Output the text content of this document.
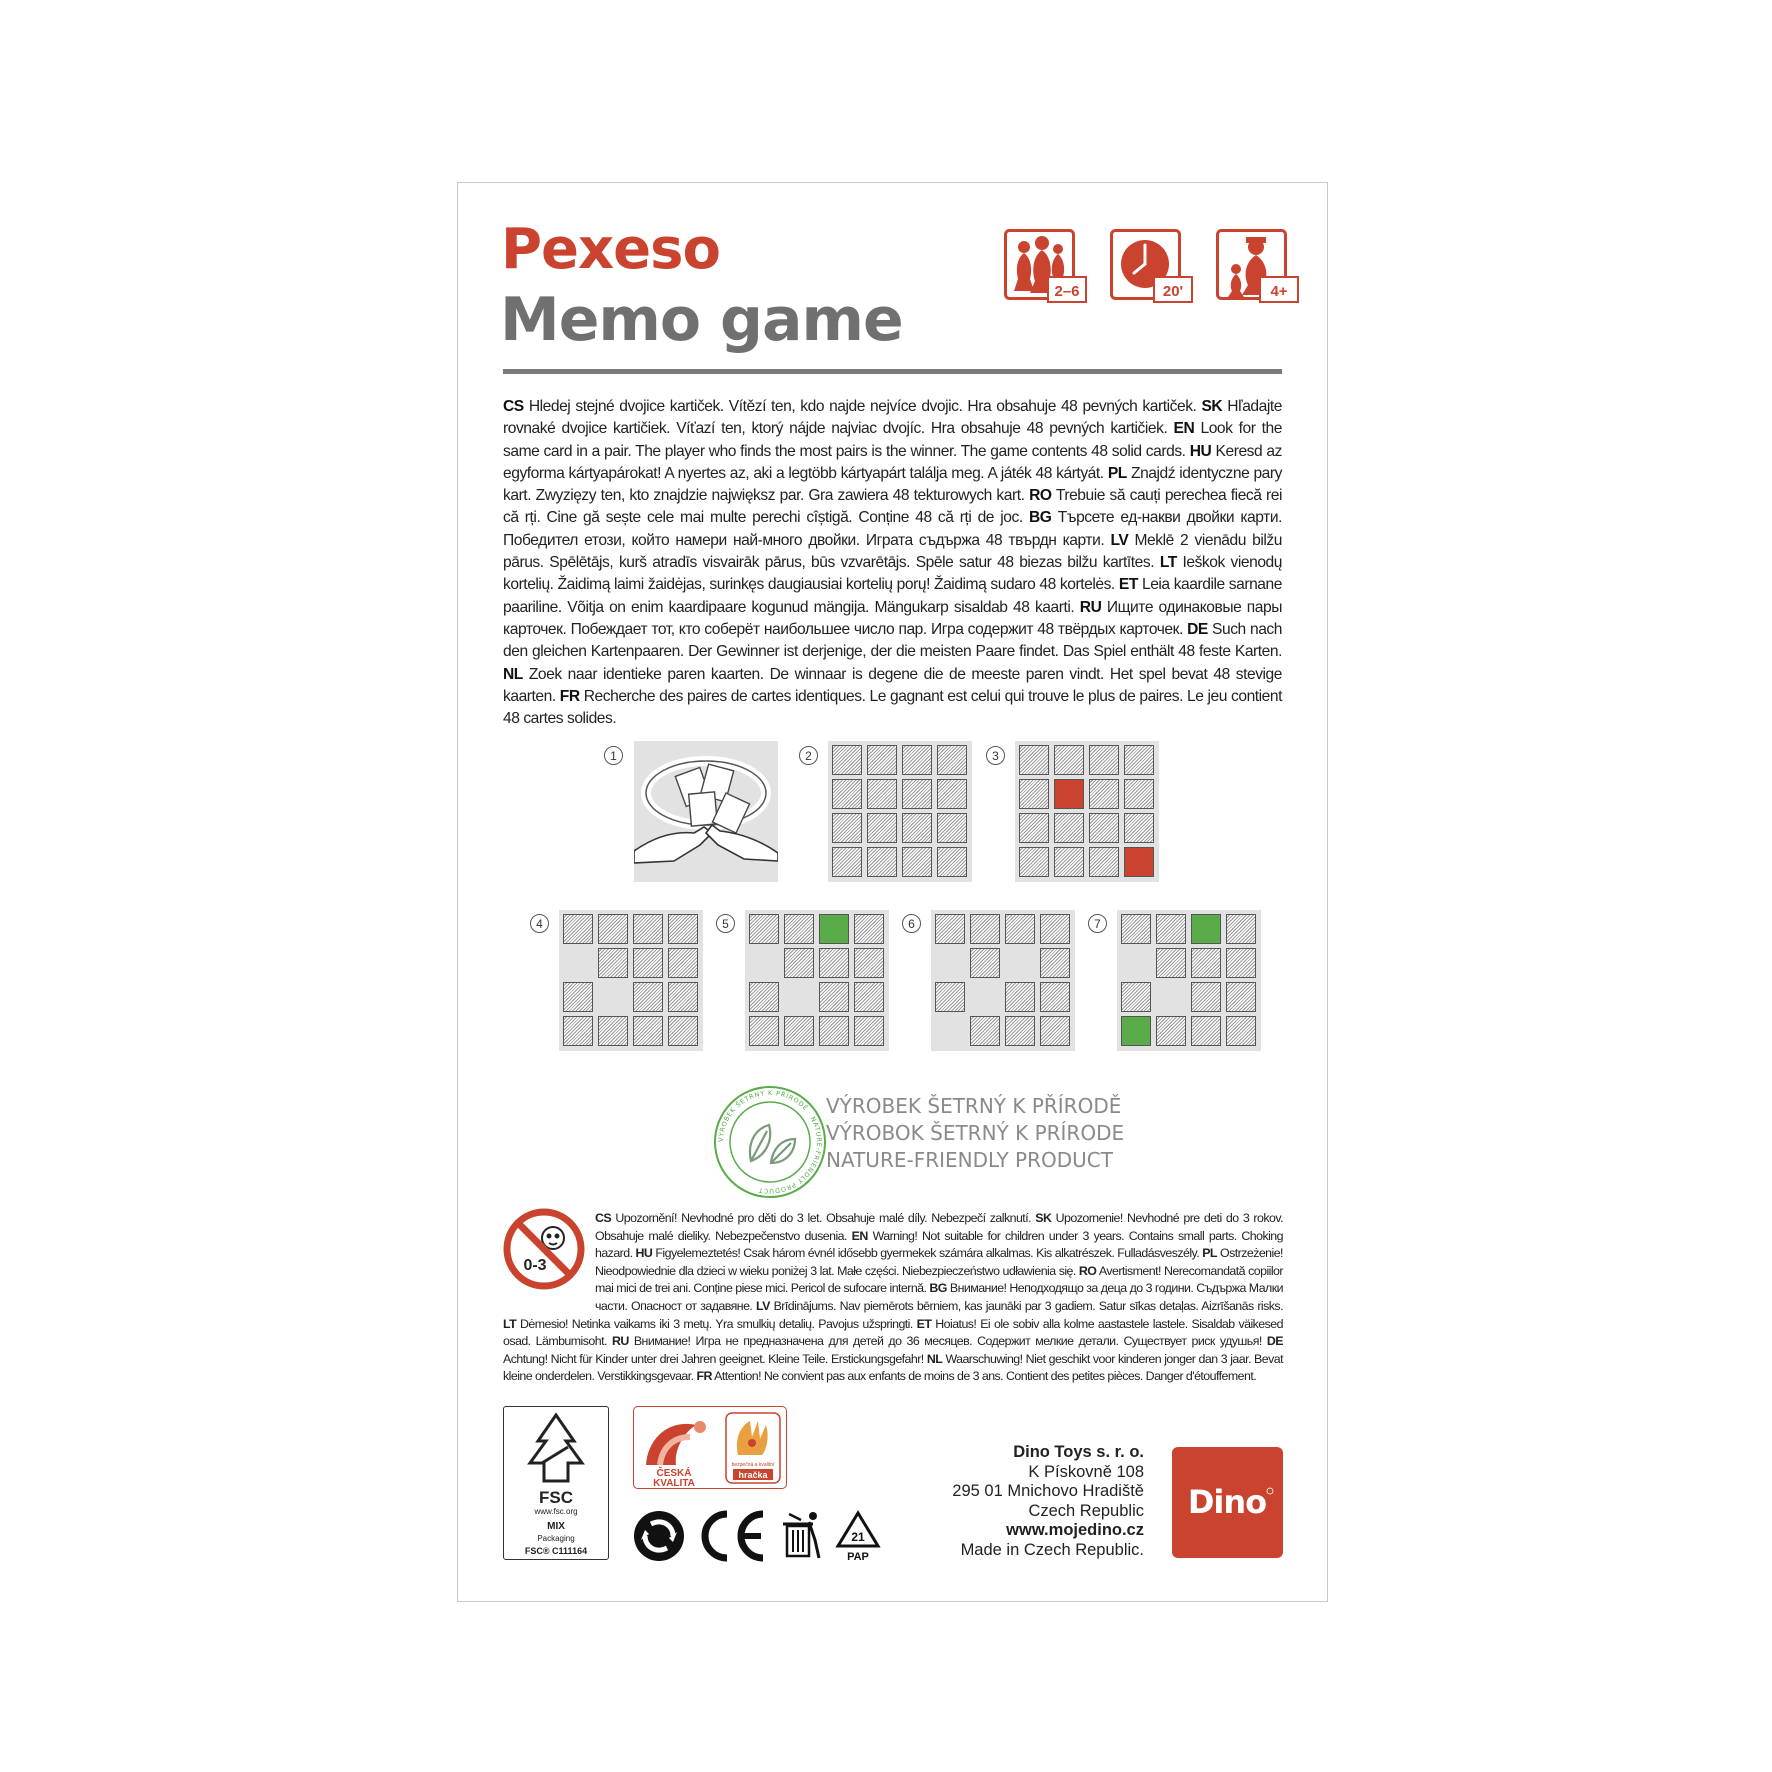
Pexeso
Memo game	2–6	20'	4+
CS Hledej stejné dvojice kartiček. Vítězí ten, kdo najde nejvíce dvojic. Hra obsahuje 48 pevných kartiček. SK Hľadajte rovnaké dvojice kartičiek. Víťazí ten, ktorý nájde najviac dvojíc. Hra obsahuje 48 pevných kartičiek. EN Look for the same card in a pair. The player who finds the most pairs is the winner. The game contents 48 solid cards. HU Keresd az egyforma kártyapárokat! A nyertes az, aki a legtöbb kártyapárt találja meg. A játék 48 kártyát. PL Znajdź identyczne pary kart. Zwyzięzy ten, kto znajdzie największ par. Gra zawiera 48 tekturowych kart. RO Trebuie să cauți perechea fiecă rei că rți. Cine gă sește cele mai multe perechi cîștigă. Conține 48 că rți de joc. BG Търсете ед-накви двойки карти. Победител етози, който намери най-много двойки. Играта съдържа 48 твърдн карти. LV Meklē 2 vienādu bilžu pārus. Spēlētājs, kurš atradīs visvairāk pārus, būs vzvarētājs. Spēle satur 48 biezas bilžu kartītes. LT Ieškok vienodų kortelių. Žaidimą laimi žaidėjas, surinkęs daugiausiai kortelių porų! Žaidimą sudaro 48 kortelės. ET Leia kaardile sarnane paariline. Võitja on enim kaardipaare kogunud mängija. Mängukarp sisaldab 48 kaarti. RU Ищите одинаковые пары карточек. Побеждает тот, кто соберёт наибольшее число пар. Игра содержит 48 твёрдых карточек. DE Such nach den gleichen Kartenpaaren. Der Gewinner ist derjenige, der die meisten Paare findet. Das Spiel enthält 48 feste Karten. NL Zoek naar identieke paren kaarten. De winnaar is degene die de meeste paren vindt. Het spel bevat 48 stevige kaarten. FR Recherche des paires de cartes identiques. Le gagnant est celui qui trouve le plus de paires. Le jeu contient 48 cartes solides.
1	2	3
4	5	6	7
VÝROBEK ŠETRNÝ K PŘÍRODĚ · NATURE-FRIENDLY PRODUCT
VÝROBEK ŠETRNÝ K PŘÍRODĚ
VÝROBOK ŠETRNÝ K PRÍRODE
NATURE-FRIENDLY PRODUCT
CS Upozornění! Nevhodné pro děti do 3 let. Obsahuje malé díly. Nebezpečí zalknutí. SK Upozornenie! Nevhodné pre deti do 3 rokov. Obsahuje malé dieliky. Nebezpečenstvo dusenia. EN Warning! Not suitable for children under 3 years. Contains small parts. Choking hazard. HU Figyelemeztetés! Csak három évnél idősebb gyermekek számára alkalmas. Kis alkatrészek. Fulladásveszély. PL Ostrzeżenie! Nieodpowiednie dla dzieci w wieku poniżej 3 lat. Małe części. Niebezpieczeństwo udławienia się. RO Avertisment! Nerecomandată copiilor mai mici de trei ani. Conține piese mici. Pericol de sufocare internă. BG Внимание! Неподходящо за деца до 3 години. Съдържа Малки части. Опасност от задавяне. LV Brīdinājums. Nav piemērots bērniem, kas jaunāki par 3 gadiem. Satur sīkas detaļas. Aizrīšanās risks. LT Dėmesio! Netinka vaikams iki 3 metų. Yra smulkių detalių. Pavojus užspringti. ET Hoiatus! Ei ole sobiv alla kolme aastastele lastele. Sisaldab väikesed osad. Lämbumisoht. RU Внимание! Игра не предназначена для детей до 36 месяцев. Содержит мелкие детали. Существует риск удушья! DE Achtung! Nicht für Kinder unter drei Jahren geeignet. Kleine Teile. Erstickungsgefahr! NL Waarschuwing! Niet geschikt voor kinderen jonger dan 3 jaar. Bevat kleine onderdelen. Verstikkingsgevaar. FR Attention! Ne convient pas aux enfants de moins de 3 ans. Contient des petites pièces. Danger d'étouffement.
0-3
FSC
www.fsc.org
MIX
Packaging
FSC® C111164
ČESKÁ
KVALITA
bezpečná a kvalitní
hračka
21
PAP
Dino Toys s. r. o.
K Pískovně 108
295 01 Mnichovo Hradiště
Czech Republic
www.mojedino.cz
Made in Czech Republic.
Dino
